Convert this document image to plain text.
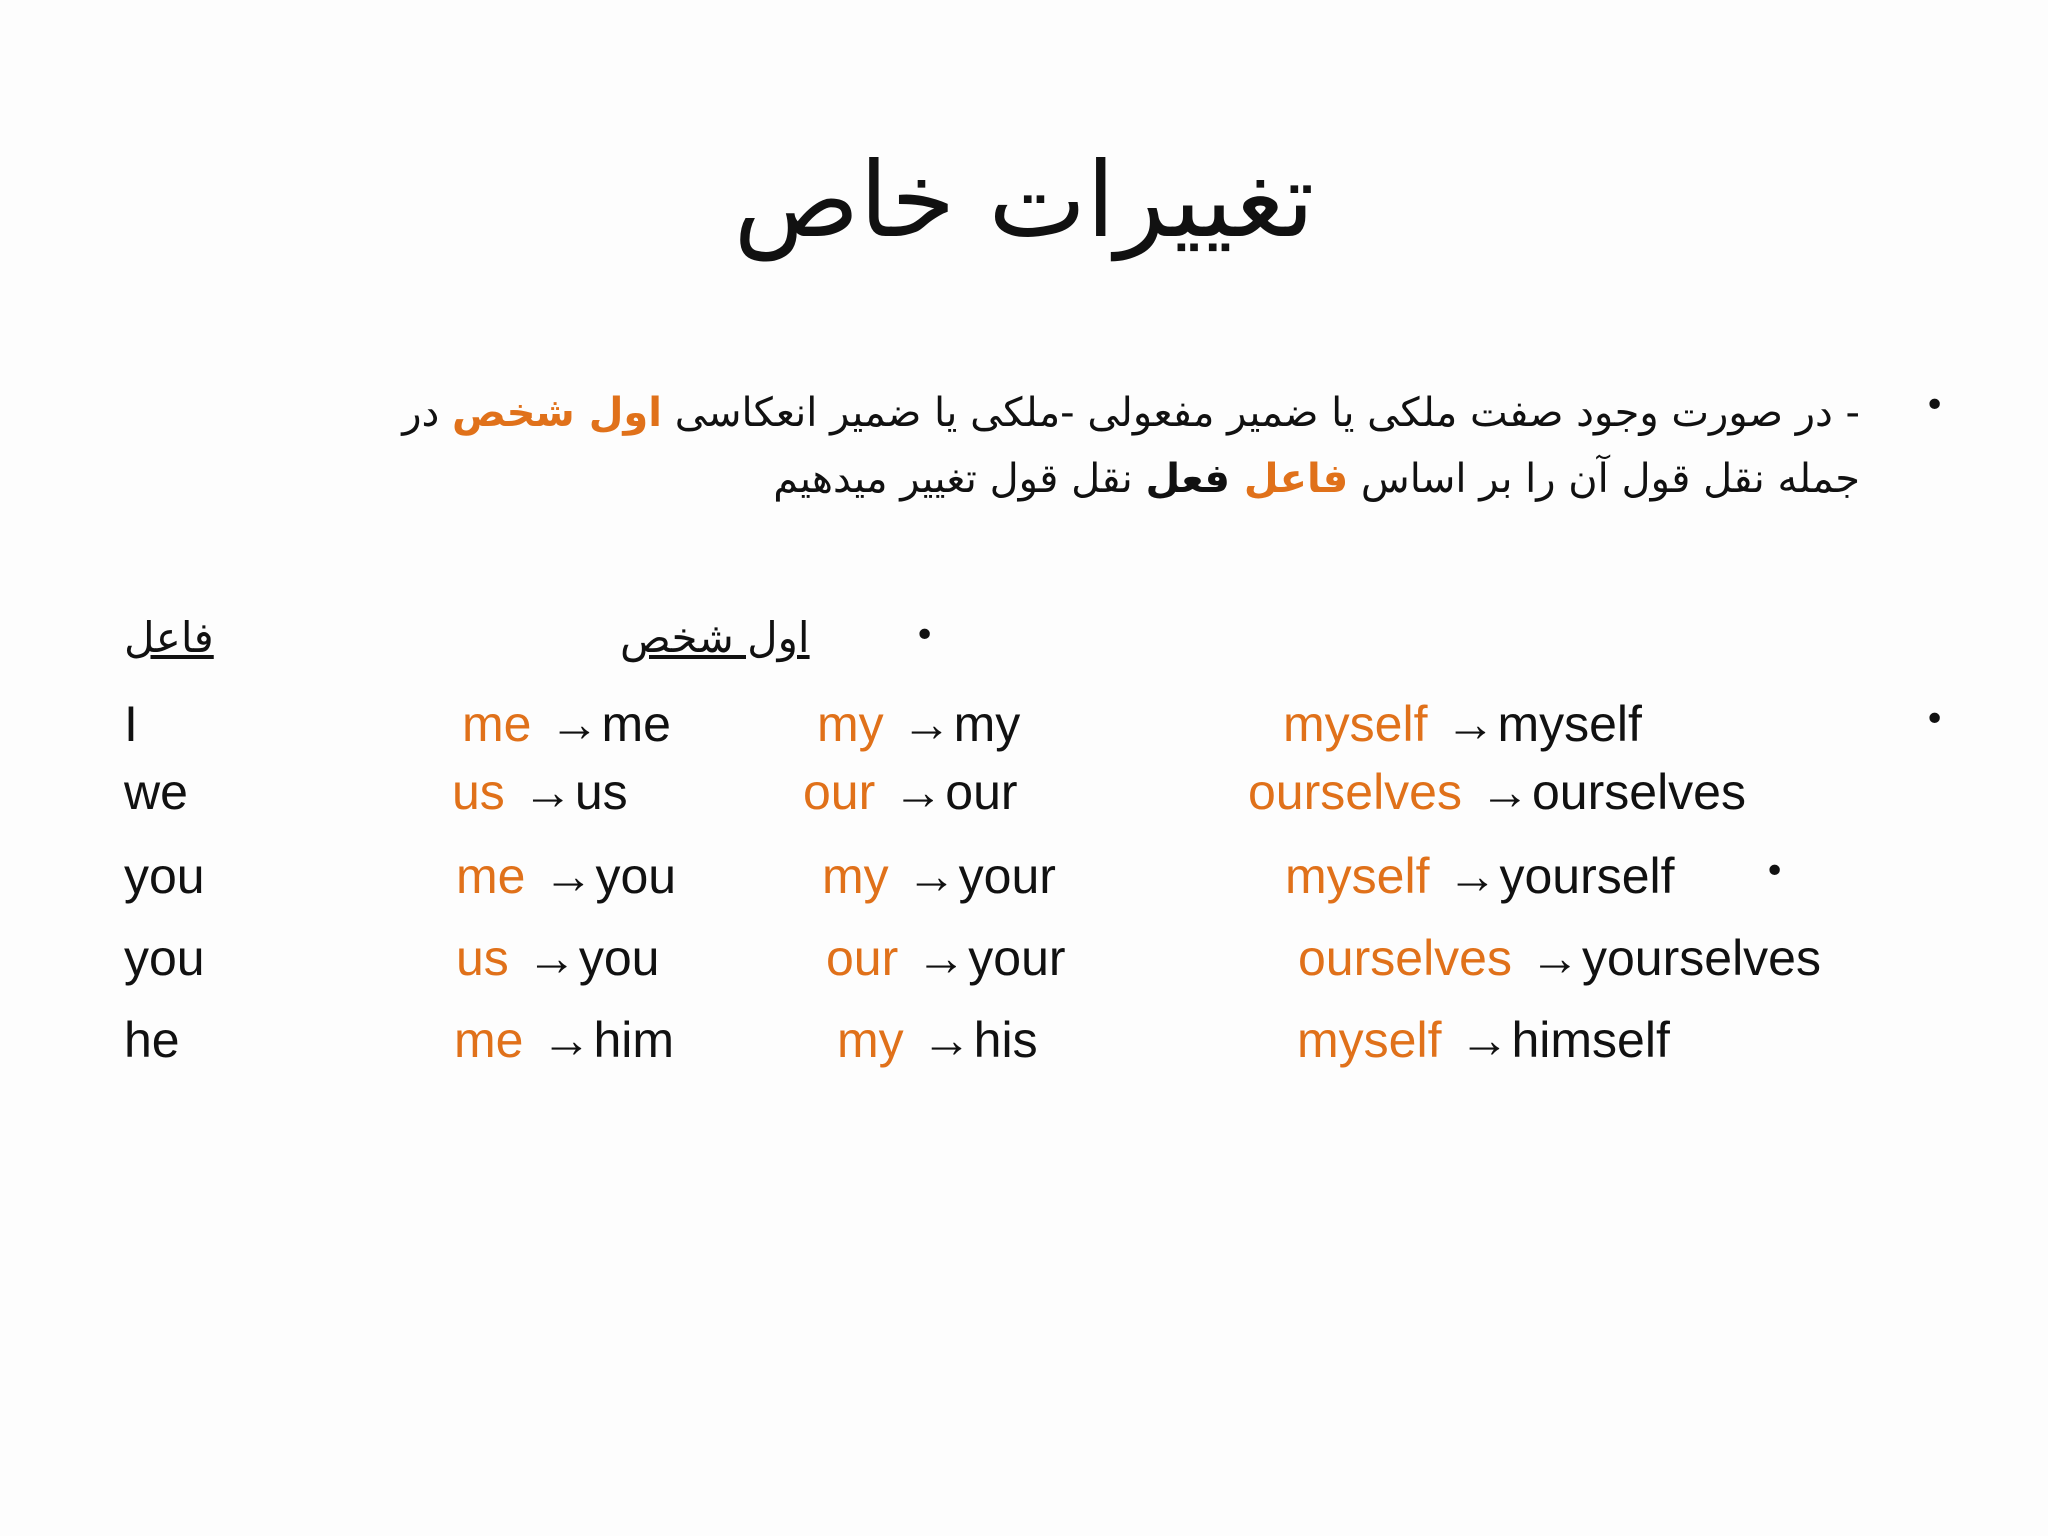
تغییرات خاص
•
•
•
•
- در صورت وجود صفت ملکی یا ضمیر مفعولی -ملکی یا ضمیر انعکاسی اول شخص در
جمله نقل قول آن را بر اساس فاعل فعل نقل قول تغییر میدهیم
فاعل	اول شخص
I	me →me	my →my	myself →myself
we	us →us	our →our	ourselves →ourselves
you	me →you	my →your	myself →yourself
you	us →you	our →your	ourselves →yourselves
he	me →him	my →his	myself →himself
